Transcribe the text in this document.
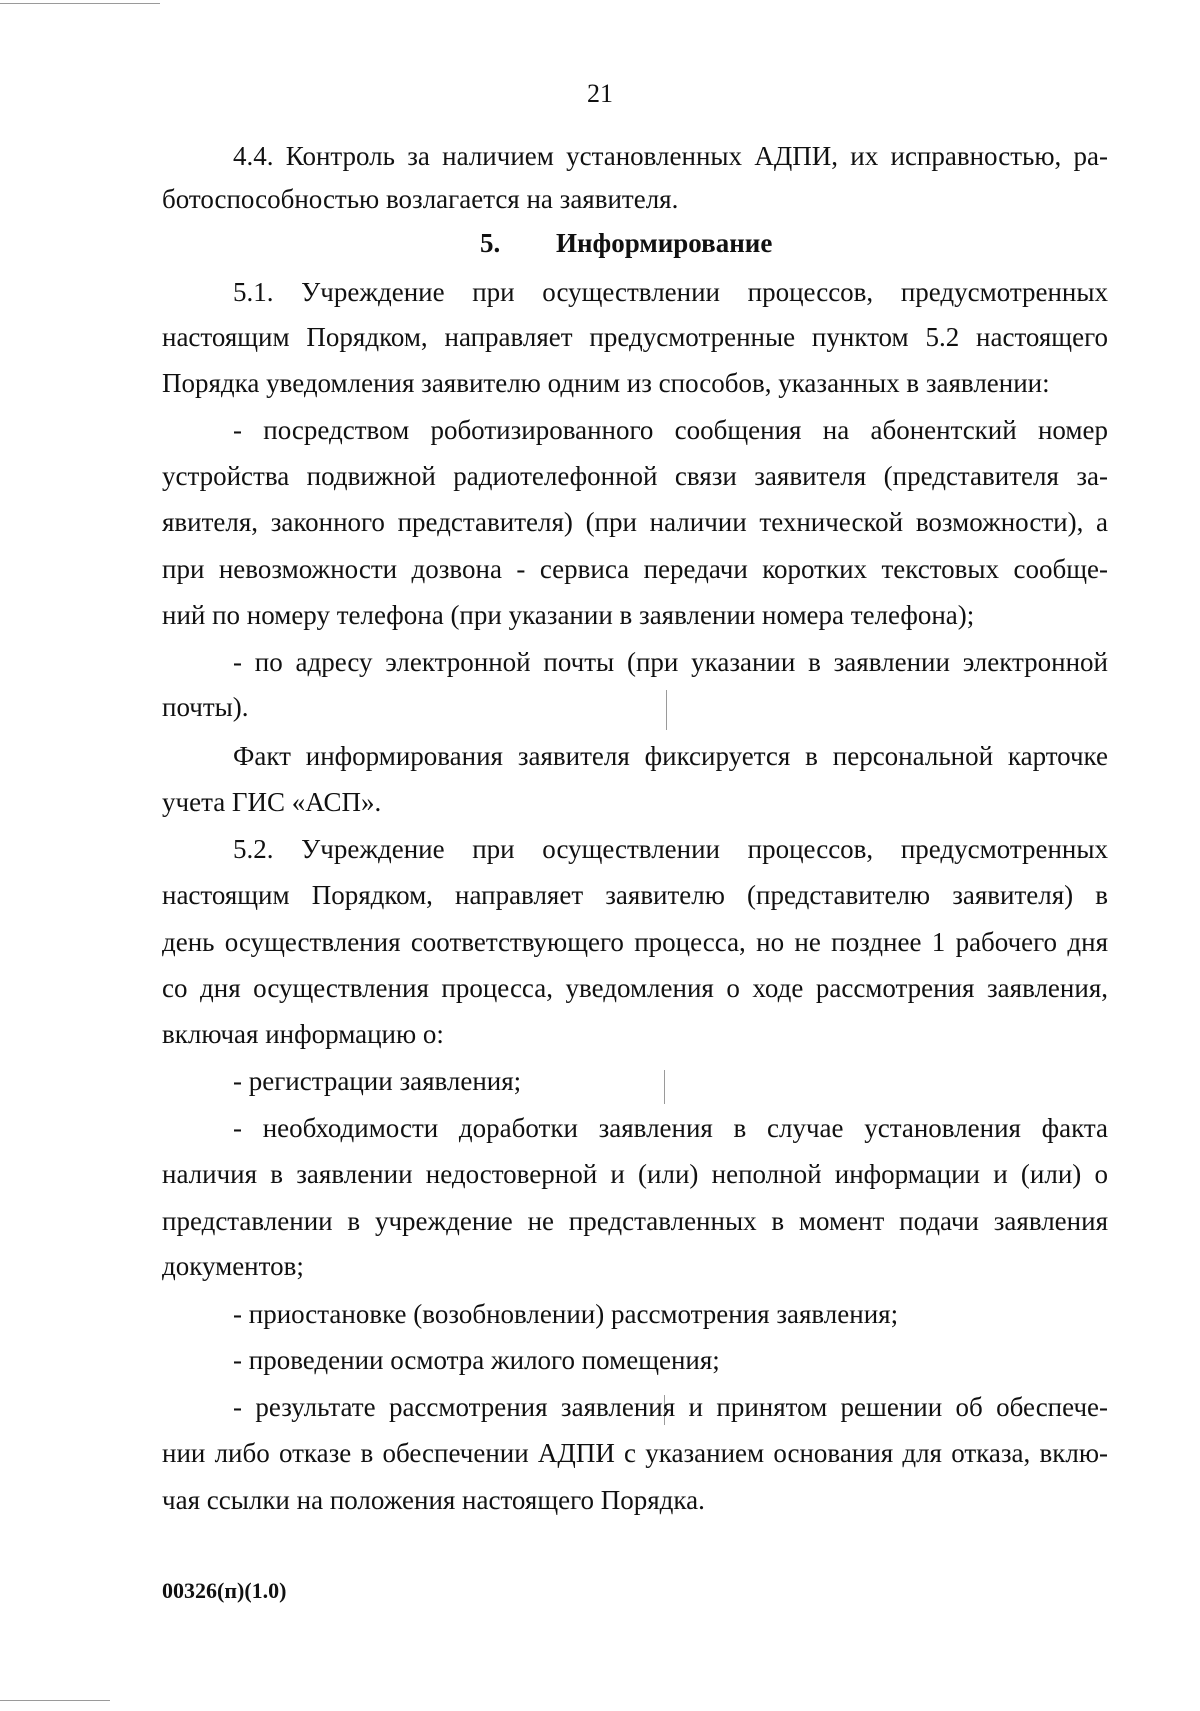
21
4.4. Контроль за наличием установленных АДПИ, их исправностью, ра-
ботоспособностью возлагается на заявителя.
5. Информирование
5.1. Учреждение при осуществлении процессов, предусмотренных
настоящим Порядком, направляет предусмотренные пунктом 5.2 настоящего
Порядка уведомления заявителю одним из способов, указанных в заявлении:
- посредством роботизированного сообщения на абонентский номер
устройства подвижной радиотелефонной связи заявителя (представителя за-
явителя, законного представителя) (при наличии технической возможности), а
при невозможности дозвона - сервиса передачи коротких текстовых сообще-
ний по номеру телефона (при указании в заявлении номера телефона);
- по адресу электронной почты (при указании в заявлении электронной
почты).
Факт информирования заявителя фиксируется в персональной карточке
учета ГИС «АСП».
5.2. Учреждение при осуществлении процессов, предусмотренных
настоящим Порядком, направляет заявителю (представителю заявителя) в
день осуществления соответствующего процесса, но не позднее 1 рабочего дня
со дня осуществления процесса, уведомления о ходе рассмотрения заявления,
включая информацию о:
- регистрации заявления;
- необходимости доработки заявления в случае установления факта
наличия в заявлении недостоверной и (или) неполной информации и (или) о
представлении в учреждение не представленных в момент подачи заявления
документов;
- приостановке (возобновлении) рассмотрения заявления;
- проведении осмотра жилого помещения;
- результате рассмотрения заявления и принятом решении об обеспече-
нии либо отказе в обеспечении АДПИ с указанием основания для отказа, вклю-
чая ссылки на положения настоящего Порядка.
00326(п)(1.0)
